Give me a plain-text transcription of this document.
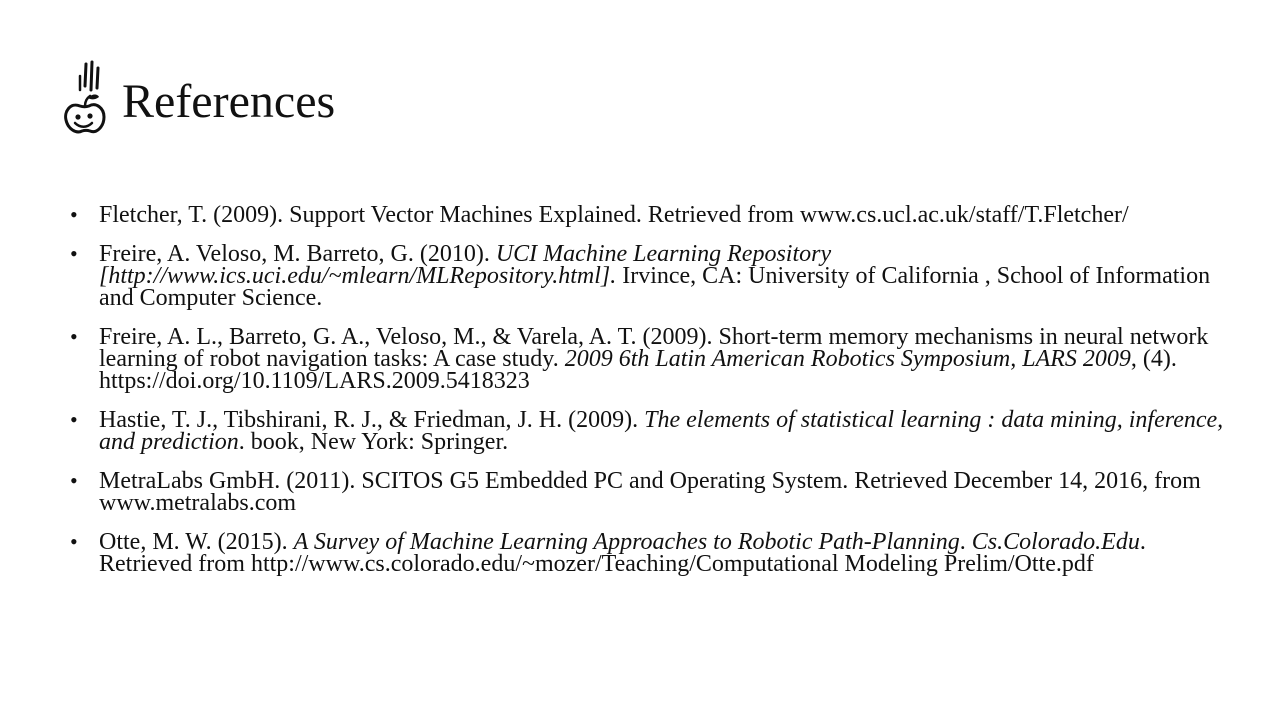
References
• Fletcher, T. (2009). Support Vector Machines Explained. Retrieved from www.cs.ucl.ac.uk/staff/T.Fletcher/
• Freire, A. Veloso, M. Barreto, G. (2010). UCI Machine Learning Repository [http://www.ics.uci.edu/~mlearn/MLRepository.html]. Irvince, CA: University of California , School of Information and Computer Science.
• Freire, A. L., Barreto, G. A., Veloso, M., & Varela, A. T. (2009). Short-term memory mechanisms in neural network learning of robot navigation tasks: A case study. 2009 6th Latin American Robotics Symposium, LARS 2009, (4). https://doi.org/10.1109/LARS.2009.5418323
• Hastie, T. J., Tibshirani, R. J., & Friedman, J. H. (2009). The elements of statistical learning : data mining, inference, and prediction. book, New York: Springer.
• MetraLabs GmbH. (2011). SCITOS G5 Embedded PC and Operating System. Retrieved December 14, 2016, from www.metralabs.com
• Otte, M. W. (2015). A Survey of Machine Learning Approaches to Robotic Path-Planning. Cs.Colorado.Edu. Retrieved from http://www.cs.colorado.edu/~mozer/Teaching/Computational Modeling Prelim/Otte.pdf
